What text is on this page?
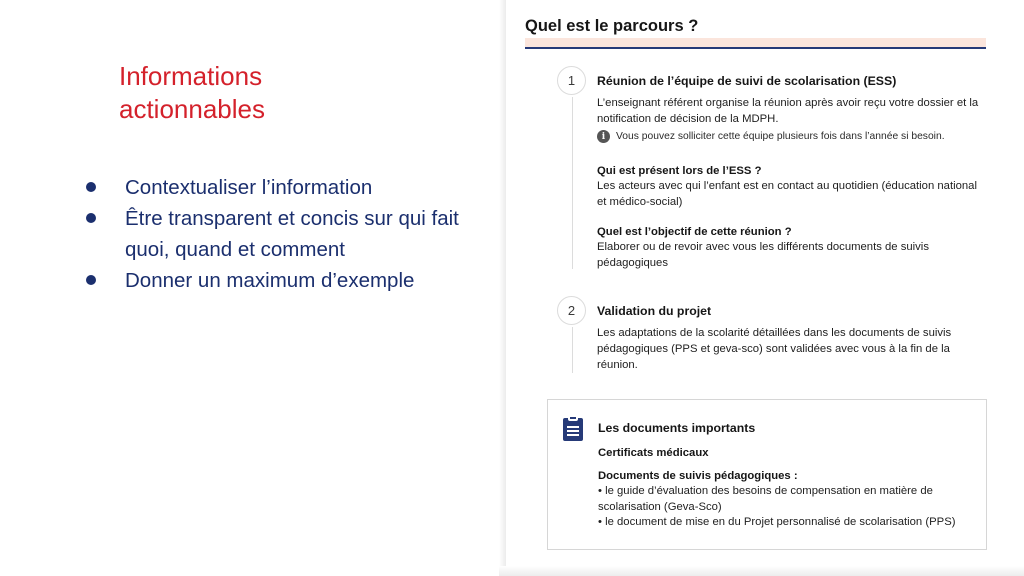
Informations
actionnables
Contextualiser l’information
Être transparent et concis sur qui fait quoi, quand et comment
Donner un maximum d’exemple
Quel est le parcours ?
1	Réunion de l’équipe de suivi de scolarisation (ESS)
L’enseignant référent organise la réunion après avoir reçu votre dossier et la notification de décision de la MDPH.
i	Vous pouvez solliciter cette équipe plusieurs fois dans l’année si besoin.
Qui est présent lors de l’ESS ?
Les acteurs avec qui l’enfant est en contact au quotidien (éducation national et médico-social)
Quel est l’objectif de cette réunion ?
Elaborer ou de revoir avec vous les différents documents de suivis pédagogiques
2	Validation du projet
Les adaptations de la scolarité détaillées dans les documents de suivis pédagogiques (PPS et geva-sco) sont validées avec vous à la fin de la réunion.
Les documents importants
Certificats médicaux
Documents de suivis pédagogiques :
• le guide d’évaluation des besoins de compensation en matière de scolarisation (Geva-Sco)
• le document de mise en du Projet personnalisé de scolarisation (PPS)
